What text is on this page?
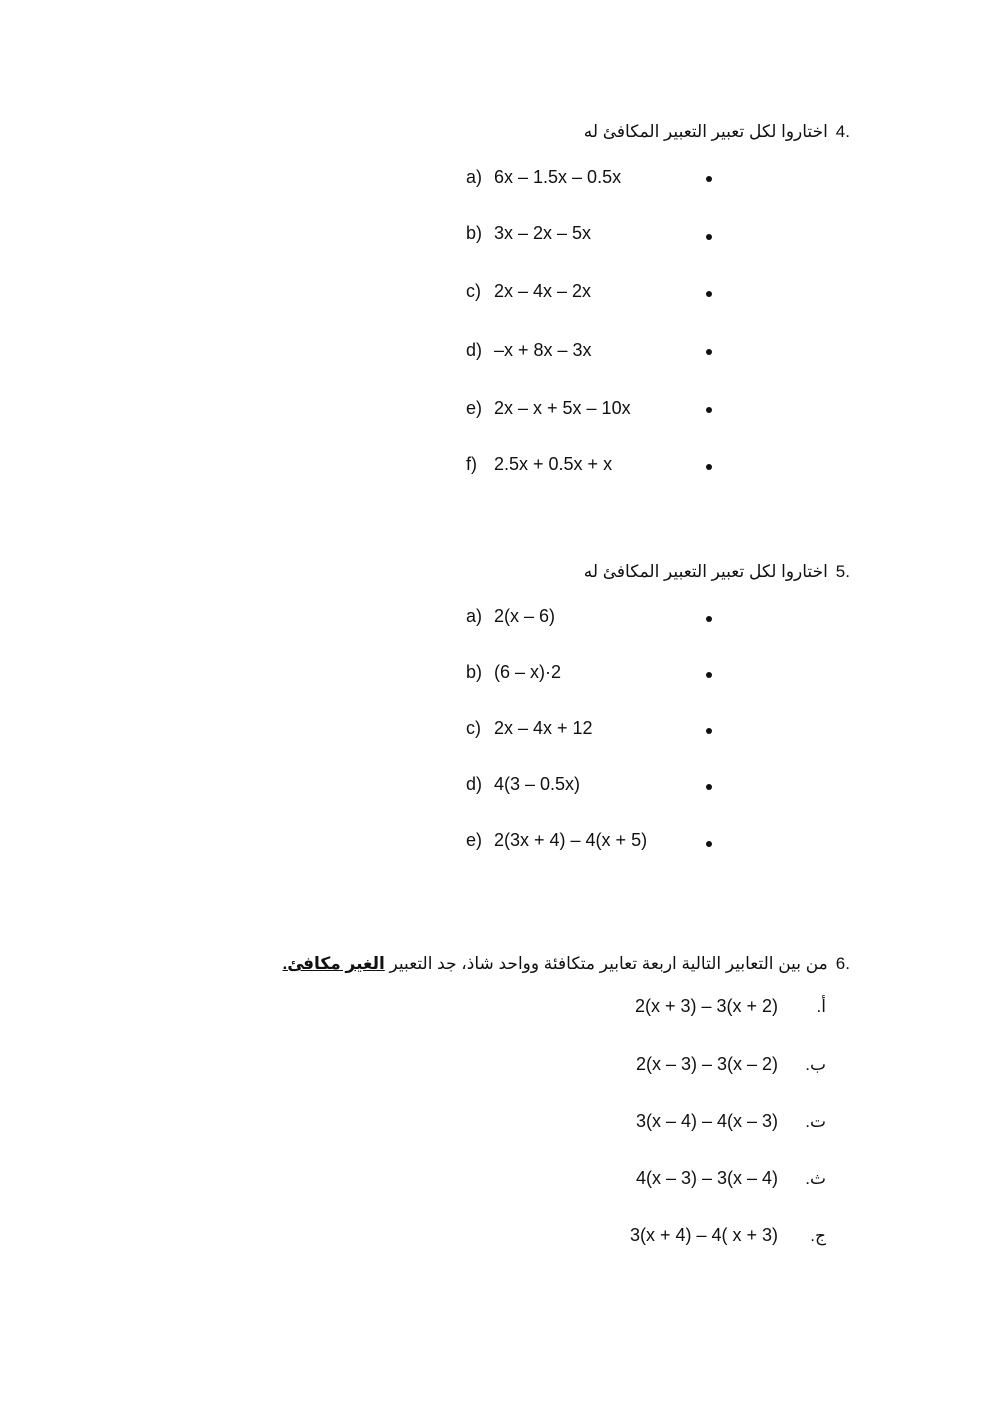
.4اختاروا لكل تعبير التعبير المكافئ له
a) 6x – 1.5x – 0.5x
b) 3x – 2x – 5x
c) 2x – 4x – 2x
d) –x + 8x – 3x
e) 2x – x + 5x – 10x
f) 2.5x + 0.5x + x
.5اختاروا لكل تعبير التعبير المكافئ له
a) 2(x – 6)
b) (6 – x)·2
c) 2x – 4x + 12
d) 4(3 – 0.5x)
e) 2(3x + 4) – 4(x + 5)
.6من بين التعابير التالية اربعة تعابير متكافئة وواحد شاذ، جد التعبير الغير مكافئ.
أ.
2(x + 3) – 3(x + 2)
ب.
2(x – 3) – 3(x – 2)
ت.
3(x – 4) – 4(x – 3)
ث.
4(x – 3) – 3(x – 4)
ج.
3(x + 4) – 4( x + 3)
